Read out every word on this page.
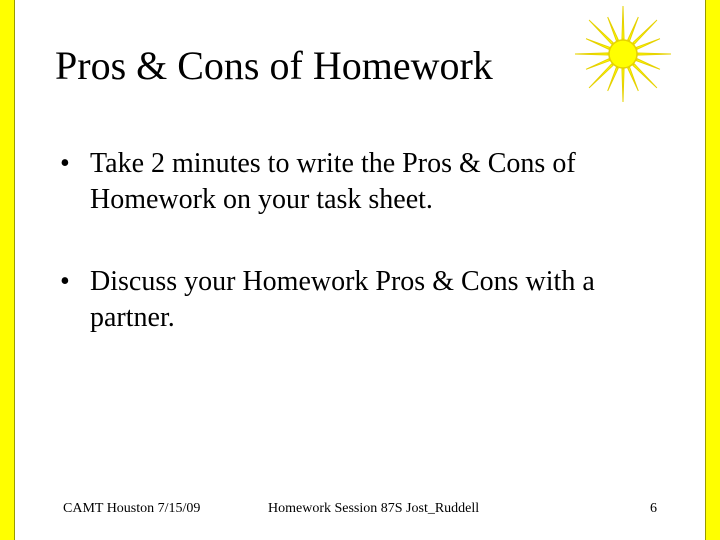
Pros & Cons of Homework
• Take 2 minutes to write the Pros & Cons of Homework on your task sheet.
• Discuss your Homework Pros & Cons with a partner.
CAMT Houston 7/15/09	Homework Session 87S Jost_Ruddell	6
